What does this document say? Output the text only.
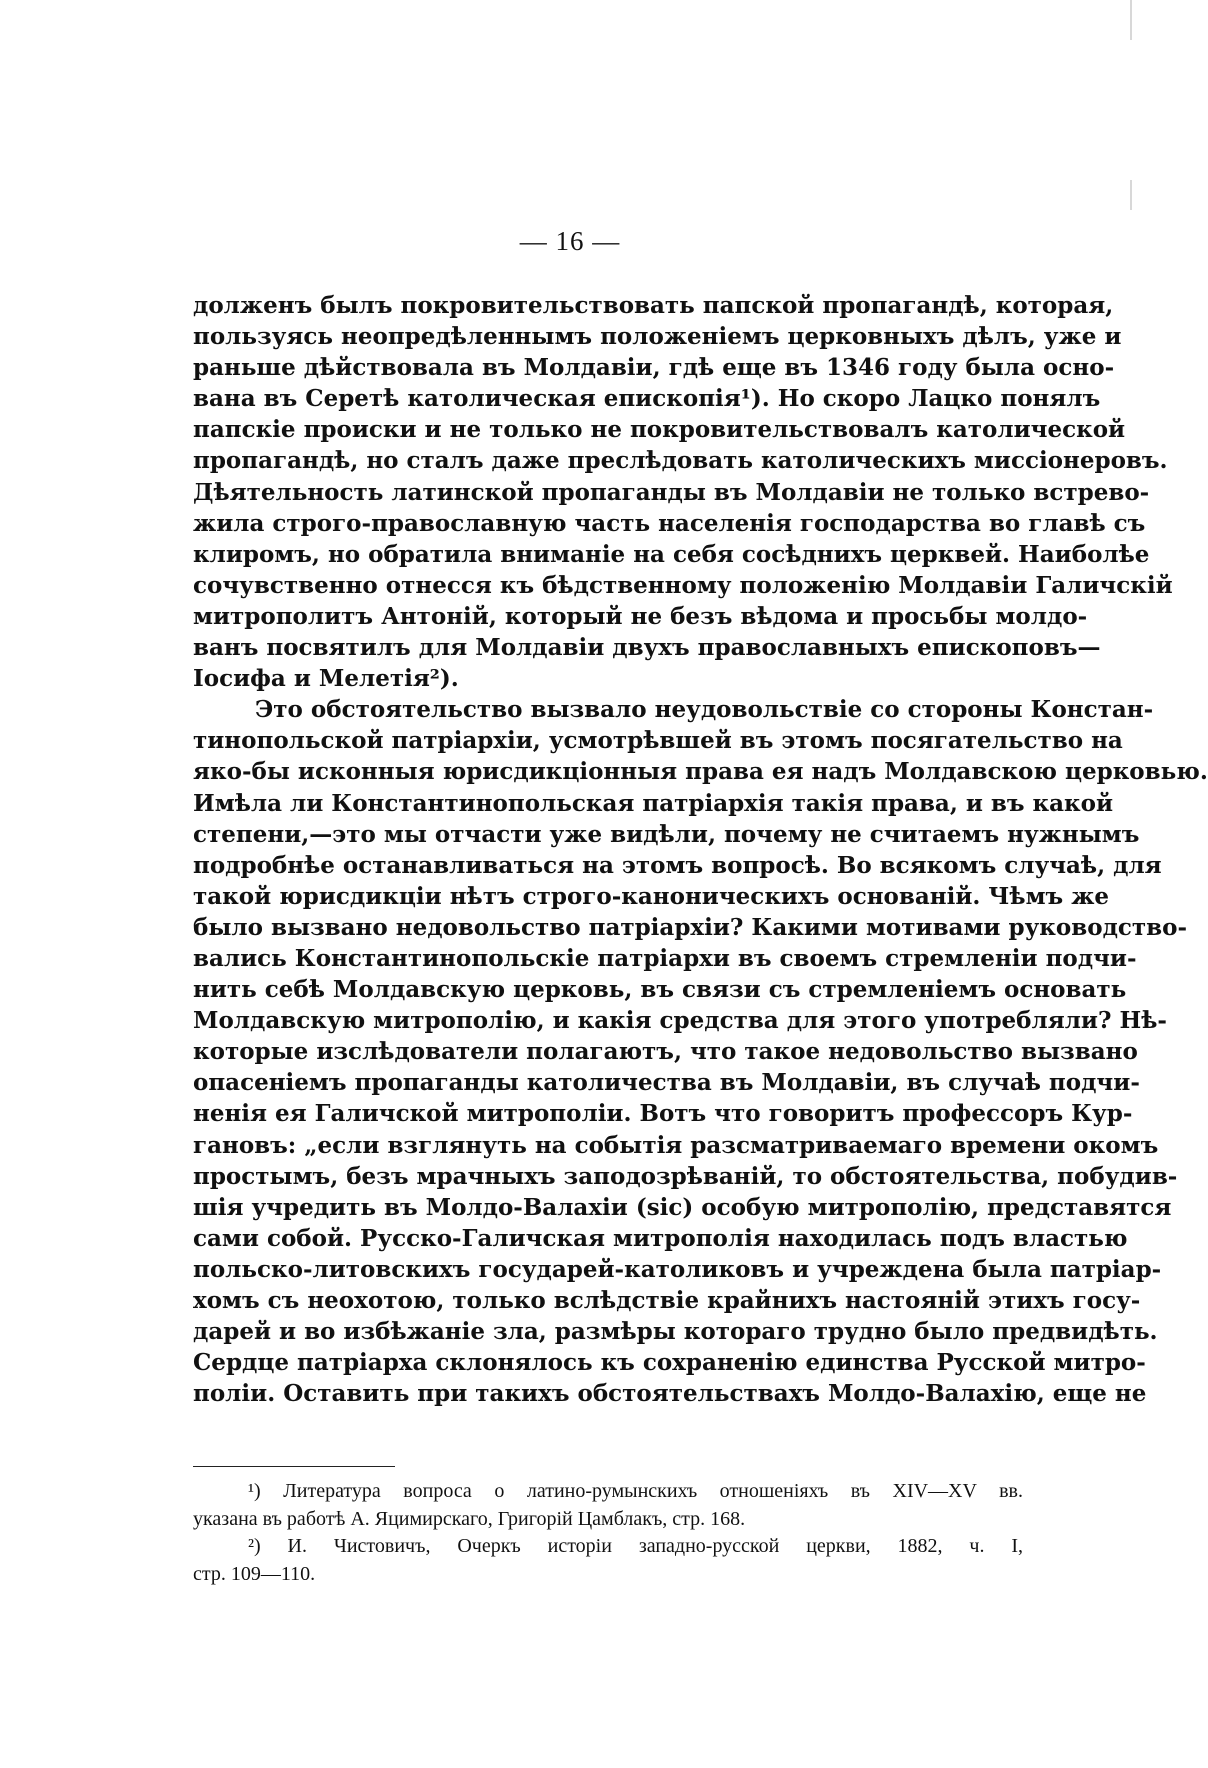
— 16 —

долженъ былъ покровительствовать папской пропагандѣ, которая,
пользуясь неопредѣленнымъ положеніемъ церковныхъ дѣлъ, уже и
раньше дѣйствовала въ Молдавіи, гдѣ еще въ 1346 году была осно-
вана въ Серетѣ католическая епископія¹). Но скоро Лацко понялъ
папскіе происки и не только не покровительствовалъ католической
пропагандѣ, но сталъ даже преслѣдовать католическихъ миссіонеровъ.
Дѣятельность латинской пропаганды въ Молдавіи не только встрево-
жила строго-православную часть населенія господарства во главѣ съ
клиромъ, но обратила вниманіе на себя сосѣднихъ церквей. Наиболѣе
сочувственно отнесся къ бѣдственному положенію Молдавіи Галичскій
митрополитъ Антоній, который не безъ вѣдома и просьбы молдо-
ванъ посвятилъ для Молдавіи двухъ православныхъ епископовъ—
Іосифа и Мелетія²).

Это обстоятельство вызвало неудовольствіе со стороны Констан-
тинопольской патріархіи, усмотрѣвшей въ этомъ посягательство на
яко-бы исконныя юрисдикціонныя права ея надъ Молдавскою церковью.
Имѣла ли Константинопольская патріархія такія права, и въ какой
степени,—это мы отчасти уже видѣли, почему не считаемъ нужнымъ
подробнѣе останавливаться на этомъ вопросѣ. Во всякомъ случаѣ, для
такой юрисдикціи нѣтъ строго-каноническихъ основаній. Чѣмъ же
было вызвано недовольство патріархіи? Какими мотивами руководство-
вались Константинопольскіе патріархи въ своемъ стремленіи подчи-
нить себѣ Молдавскую церковь, въ связи съ стремленіемъ основать
Молдавскую митрополію, и какія средства для этого употребляли? Нѣ-
которые изслѣдователи полагаютъ, что такое недовольство вызвано
опасеніемъ пропаганды католичества въ Молдавіи, въ случаѣ подчи-
ненія ея Галичской митрополіи. Вотъ что говоритъ профессоръ Кур-
гановъ: „если взглянуть на событія разсматриваемаго времени окомъ
простымъ, безъ мрачныхъ заподозрѣваній, то обстоятельства, побудив-
шія учредить въ Молдо-Валахіи (sic) особую митрополію, представятся
сами собой. Русско-Галичская митрополія находилась подъ властью
польско-литовскихъ государей-католиковъ и учреждена была патріар-
хомъ съ неохотою, только вслѣдствіе крайнихъ настояній этихъ госу-
дарей и во избѣжаніе зла, размѣры котораго трудно было предвидѣть.
Сердце патріарха склонялось къ сохраненію единства Русской митро-
поліи. Оставить при такихъ обстоятельствахъ Молдо-Валахію, еще не

¹) Литература вопроса о латино-румынскихъ отношеніяхъ въ XIV—XV вв.
указана въ работѣ А. Яцимирскаго, Григорій Цамблакъ, стр. 168.

²) И. Чистовичъ, Очеркъ исторіи западно-русской церкви, 1882, ч. I,
стр. 109—110.
